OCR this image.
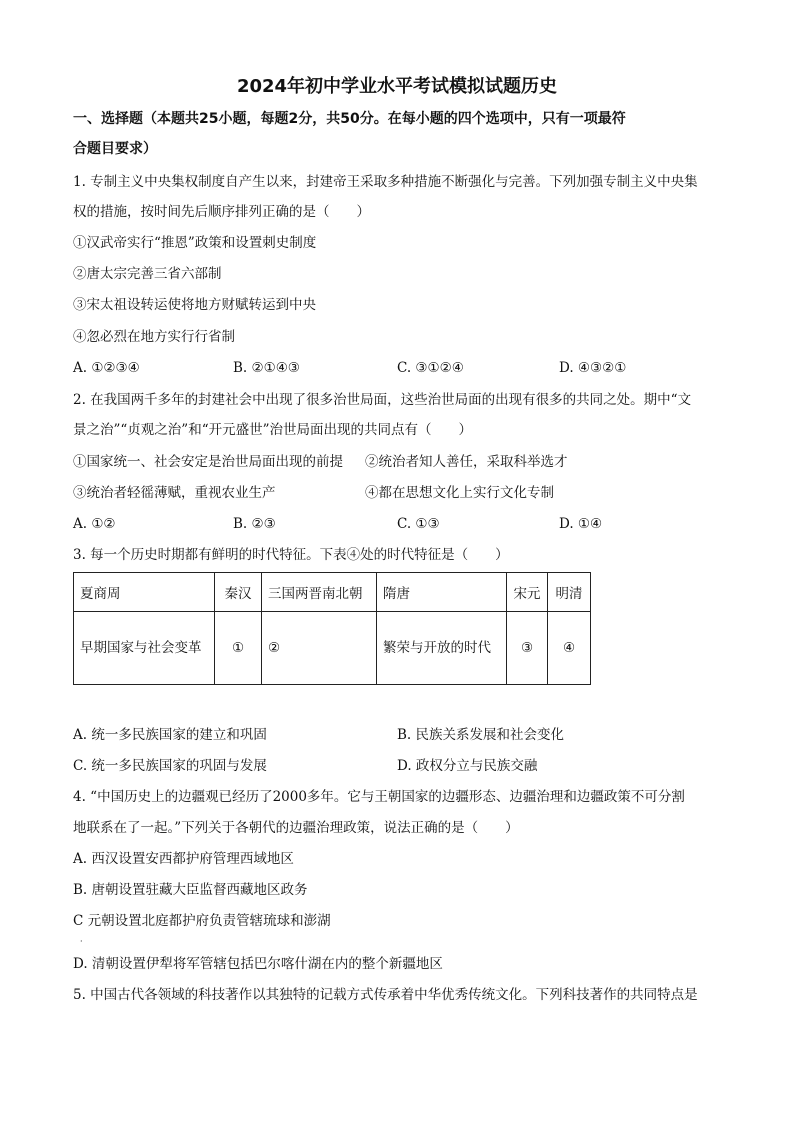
2024年初中学业水平考试模拟试题历史
一、选择题（本题共25小题，每题2分，共50分。在每小题的四个选项中，只有一项最符
合题目要求）
1. 专制主义中央集权制度自产生以来，封建帝王采取多种措施不断强化与完善。下列加强专制主义中央集
权的措施，按时间先后顺序排列正确的是（　　）
①汉武帝实行“推恩”政策和设置刺史制度
②唐太宗完善三省六部制
③宋太祖设转运使将地方财赋转运到中央
④忽必烈在地方实行行省制
A. ①②③④	B. ②①④③	C. ③①②④	D. ④③②①
2. 在我国两千多年的封建社会中出现了很多治世局面，这些治世局面的出现有很多的共同之处。期中“文
景之治”“贞观之治”和“开元盛世”治世局面出现的共同点有（　　）
①国家统一、社会安定是治世局面出现的前提 ②统治者知人善任，采取科举选才
③统治者轻徭薄赋，重视农业生产	④都在思想文化上实行文化专制
A. ①②	B. ②③	C. ①③	D. ①④
3. 每一个历史时期都有鲜明的时代特征。下表④处的时代特征是（　　）
夏商周	秦汉	三国两晋南北朝	隋唐	宋元	明清
早期国家与社会变革	①	②	繁荣与开放的时代	③	④
A. 统一多民族国家的建立和巩固	B. 民族关系发展和社会变化
C. 统一多民族国家的巩固与发展	D. 政权分立与民族交融
4. “中国历史上的边疆观已经历了2000多年。它与王朝国家的边疆形态、边疆治理和边疆政策不可分割
地联系在了一起。”下列关于各朝代的边疆治理政策，说法正确的是（　　）
A. 西汉设置安西都护府管理西域地区
B. 唐朝设置驻藏大臣监督西藏地区政务
C 元朝设置北庭都护府负责管辖琉球和澎湖
·
D. 清朝设置伊犁将军管辖包括巴尔喀什湖在内的整个新疆地区
5. 中国古代各领域的科技著作以其独特的记载方式传承着中华优秀传统文化。下列科技著作的共同特点是
